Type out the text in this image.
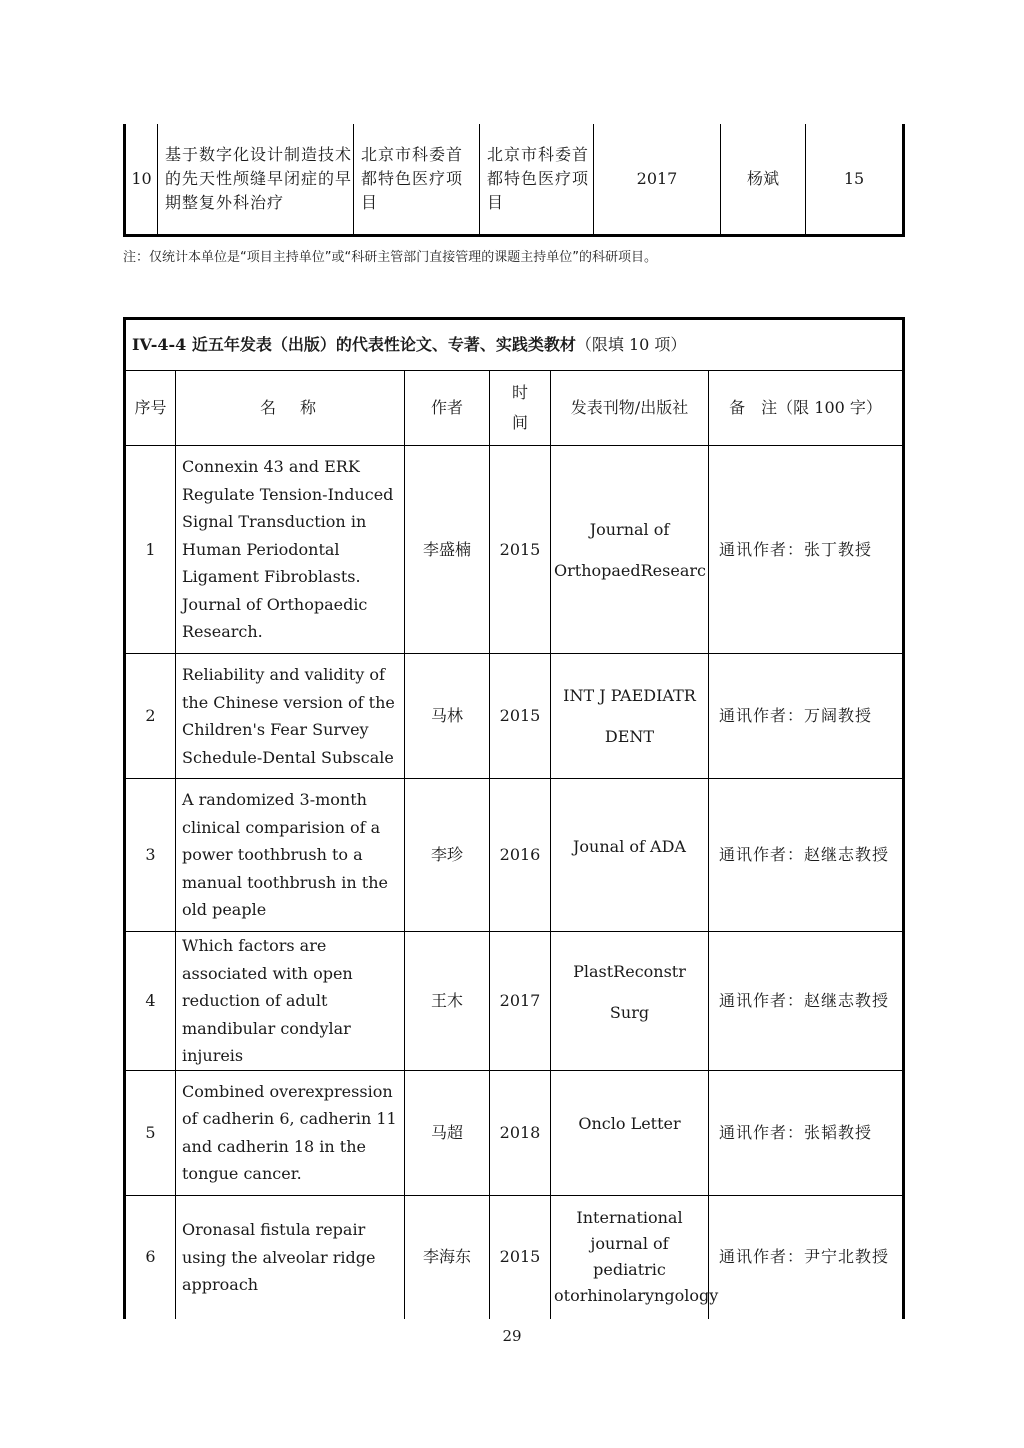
10	基于数字化设计制造技术的先天性颅缝早闭症的早期整复外科治疗	北京市科委首都特色医疗项目	北京市科委首都特色医疗项目	2017	杨斌	15
注：仅统计本单位是“项目主持单位”或“科研主管部门直接管理的课题主持单位”的科研项目。
IV-4-4 近五年发表（出版）的代表性论文、专著、实践类教材（限填 10 项）					
序号	名　称	作者	时间	发表刊物/出版社	备　注（限 100 字）
1	Connexin 43 and ERK Regulate Tension-Induced Signal Transduction in Human Periodontal Ligament Fibroblasts. Journal of Orthopaedic Research.	李盛楠	2015	Journal of OrthopaedResearc	通讯作者：张丁教授
2	Reliability and validity of the Chinese version of the Children's Fear Survey Schedule-Dental Subscale	马林	2015	INT J PAEDIATR DENT	通讯作者：万阔教授
3	A randomized 3-month clinical comparision of a power toothbrush to a manual toothbrush in the old peaple	李珍	2016	Jounal of ADA	通讯作者：赵继志教授
4	Which factors are associated with open reduction of adult mandibular condylar injureis	王木	2017	PlastReconstr Surg	通讯作者：赵继志教授
5	Combined overexpression of cadherin 6, cadherin 11 and cadherin 18 in the tongue cancer.	马超	2018	Onclo Letter	通讯作者：张韬教授
6	Oronasal fistula repair using the alveolar ridge approach	李海东	2015	International journal of pediatric otorhinolaryngology	通讯作者：尹宁北教授
29
